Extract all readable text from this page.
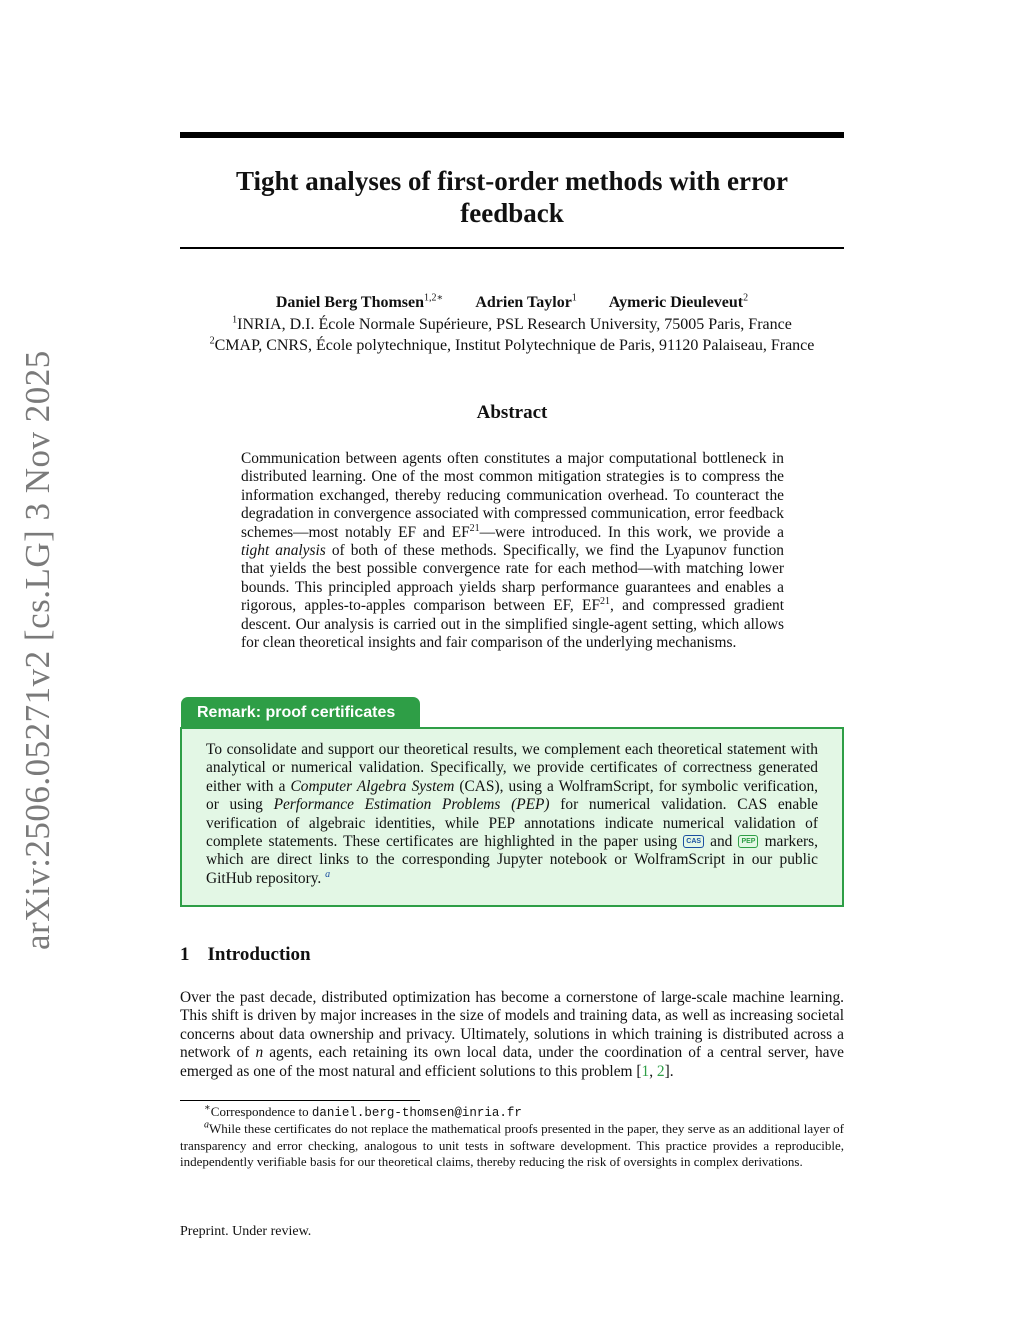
arXiv:2506.05271v2 [cs.LG] 3 Nov 2025
Tight analyses of first-order methods with error
feedback
Daniel Berg Thomsen$^{1,2∗}$ Adrien Taylor$^1$ Aymeric Dieuleveut$^2$
$^1$INRIA, D.I. École Normale Supérieure, PSL Research University, 75005 Paris, France
$^2$CMAP, CNRS, École polytechnique, Institut Polytechnique de Paris, 91120 Palaiseau, France
Abstract
Communication between agents often constitutes a major computational bottleneck in distributed learning. One of the most common mitigation strategies is to compress the information exchanged, thereby reducing communication overhead. To counteract the degradation in convergence associated with compressed communication, error feedback schemes—most notably EF and EF$^{21}$—were introduced. In this work, we provide a tight analysis of both of these methods. Specifically, we find the Lyapunov function that yields the best possible convergence rate for each method—with matching lower bounds. This principled approach yields sharp performance guarantees and enables a rigorous, apples-to-apples comparison between EF, EF$^{21}$, and compressed gradient descent. Our analysis is carried out in the simplified single-agent setting, which allows for clean theoretical insights and fair comparison of the underlying mechanisms.
Remark: proof certificates
To consolidate and support our theoretical results, we complement each theoretical statement with analytical or numerical validation. Specifically, we provide certificates of correctness generated either with a Computer Algebra System (CAS), using a WolframScript, for symbolic verification, or using Performance Estimation Problems (PEP) for numerical validation. CAS enable verification of algebraic identities, while PEP annotations indicate numerical validation of complete statements. These certificates are highlighted in the paper using CAS and PEP markers, which are direct links to the corresponding Jupyter notebook or WolframScript in our public GitHub repository. $^a$
1 Introduction
Over the past decade, distributed optimization has become a cornerstone of large-scale machine learning. This shift is driven by major increases in the size of models and training data, as well as increasing societal concerns about data ownership and privacy. Ultimately, solutions in which training is distributed across a network of n agents, each retaining its own local data, under the coordination of a central server, have emerged as one of the most natural and efficient solutions to this problem [1, 2].
∗Correspondence to daniel.berg-thomsen@inria.fr
$^a$While these certificates do not replace the mathematical proofs presented in the paper, they serve as an additional layer of transparency and error checking, analogous to unit tests in software development. This practice provides a reproducible, independently verifiable basis for our theoretical claims, thereby reducing the risk of oversights in complex derivations.
Preprint. Under review.
